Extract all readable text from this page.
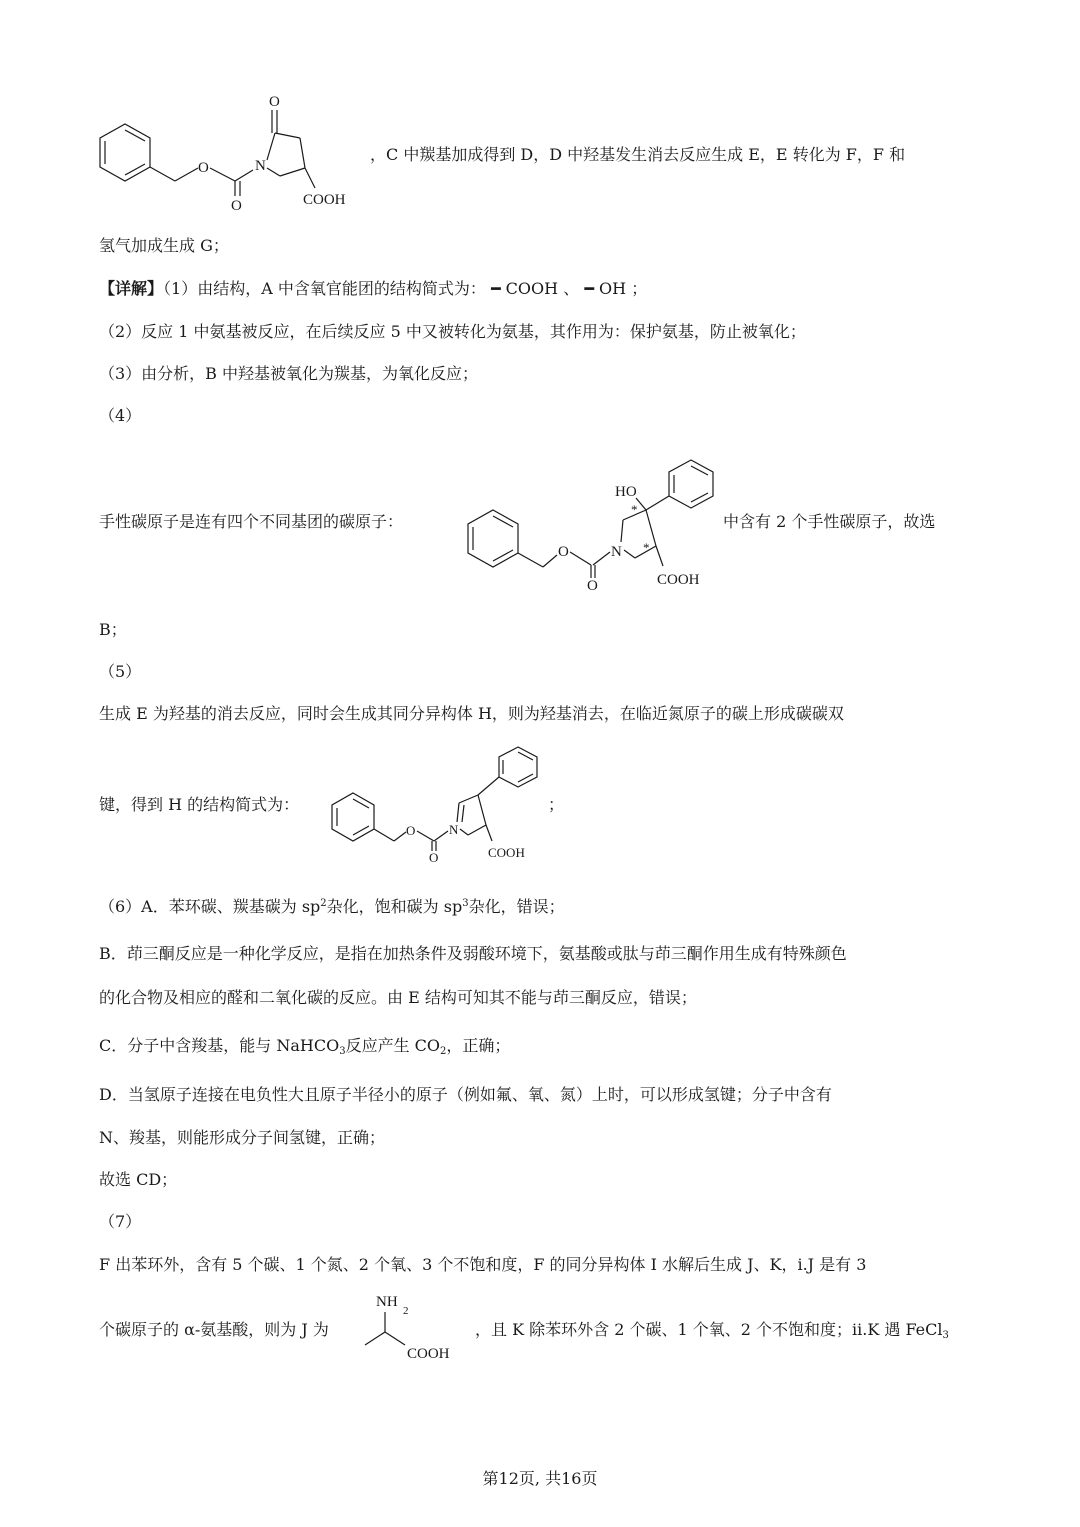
O
O
N
O
COOH
，C 中羰基加成得到 D，D 中羟基发生消去反应生成 E，E 转化为 F，F 和
氢气加成生成 G；
【详解】（1）由结构，A 中含氧官能团的结构简式为： ━ COOH 、 ━ OH ；
（2）反应 1 中氨基被反应，在后续反应 5 中又被转化为氨基，其作用为：保护氨基，防止被氧化；
（3）由分析，B 中羟基被氧化为羰基，为氧化反应；
（4）
手性碳原子是连有四个不同基团的碳原子：
O
O
N
*
*
HO
COOH
中含有 2 个手性碳原子，故选
B；
（5）
生成 E 为羟基的消去反应，同时会生成其同分异构体 H，则为羟基消去，在临近氮原子的碳上形成碳碳双
键，得到 H 的结构简式为：
O
O
N
COOH
；
（6）A．苯环碳、羰基碳为 $sp^2$杂化，饱和碳为 $sp^3$杂化，错误；
B．茚三酮反应是一种化学反应，是指在加热条件及弱酸环境下，氨基酸或肽与茚三酮作用生成有特殊颜色
的化合物及相应的醛和二氧化碳的反应。由 E 结构可知其不能与茚三酮反应，错误；
C．分子中含羧基，能与 NaHCO$_3$反应产生 $CO_2$，正确；
D．当氢原子连接在电负性大且原子半径小的原子（例如氟、氧、氮）上时，可以形成氢键；分子中含有
N、羧基，则能形成分子间氢键，正确；
故选 CD；
（7）
F 出苯环外，含有 5 个碳、1 个氮、2 个氧、3 个不饱和度，F 的同分异构体 I 水解后生成 J、K，i.J 是有 3
个碳原子的 α-氨基酸，则为 J 为
NH
2
COOH
，且 K 除苯环外含 2 个碳、1 个氧、2 个不饱和度；ii.K 遇 FeCl$_3$
第12页, 共16页
